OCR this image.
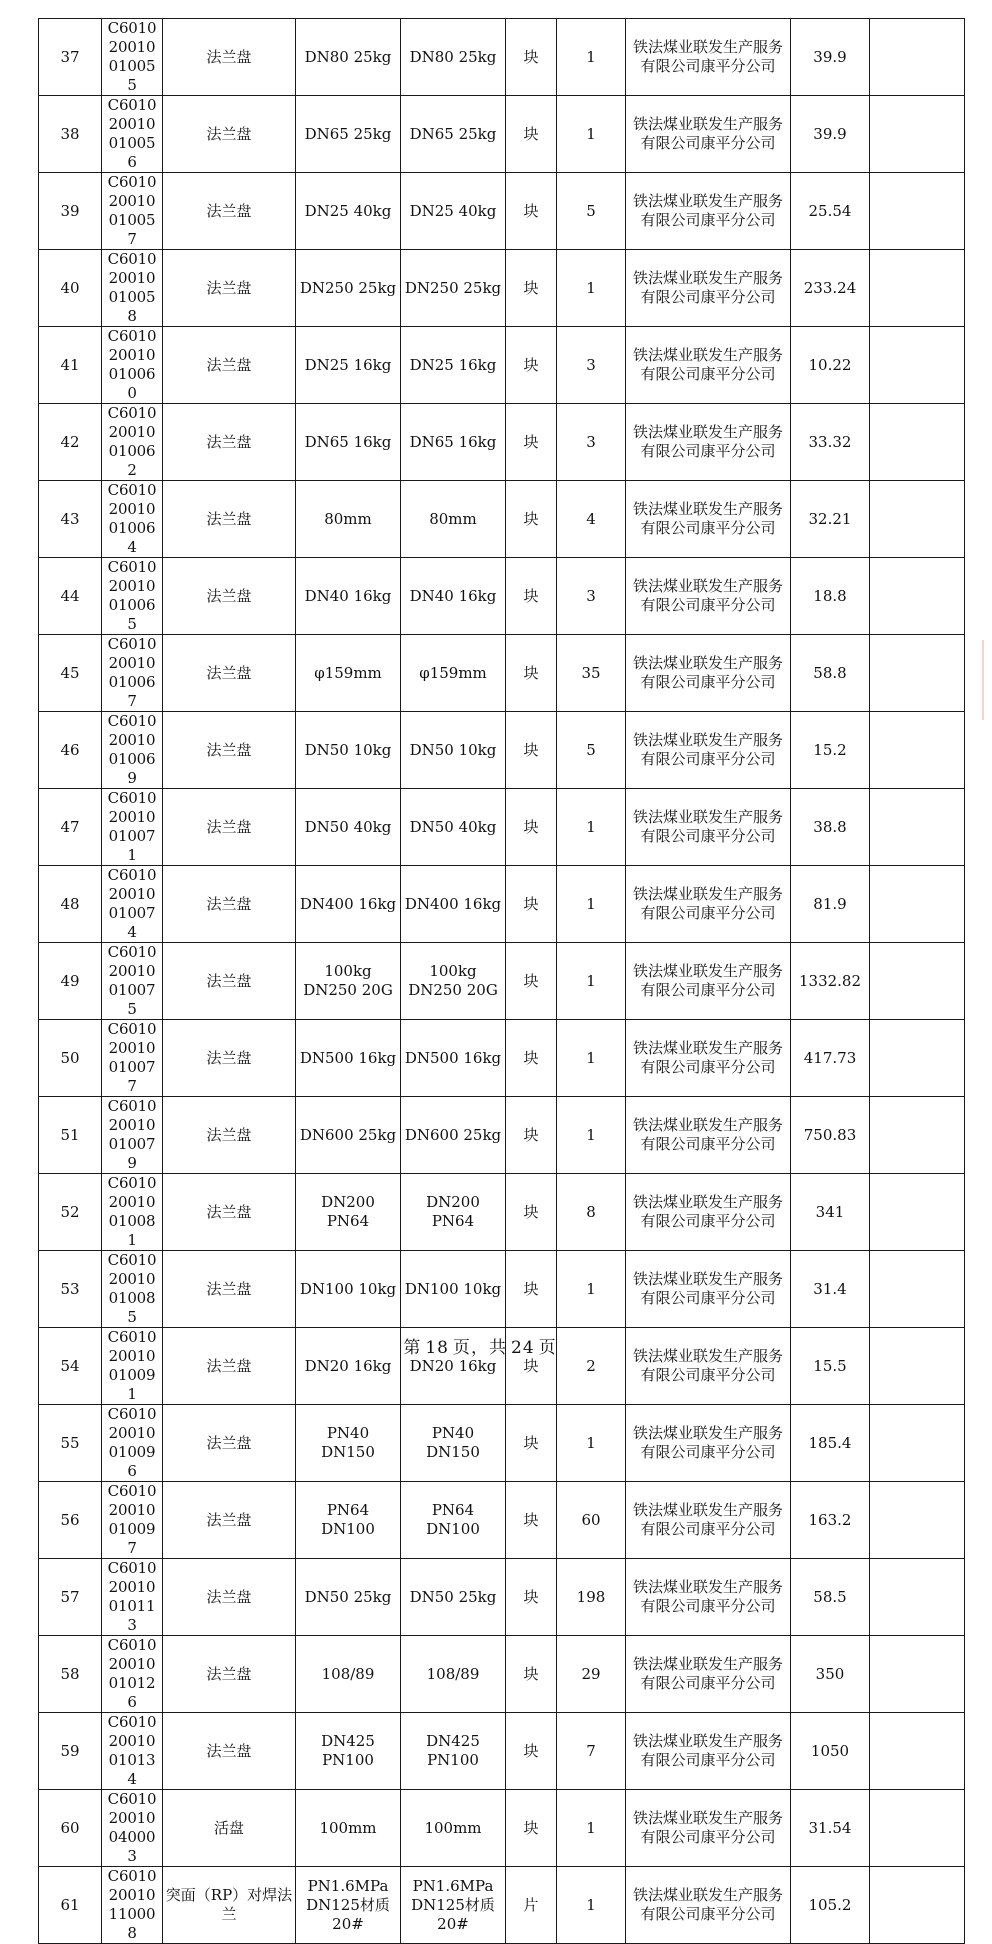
37	C601020010010055	法兰盘	DN80 25kg	DN80 25kg	块	1	铁法煤业联发生产服务有限公司康平分公司	39.9	
38	C601020010010056	法兰盘	DN65 25kg	DN65 25kg	块	1	铁法煤业联发生产服务有限公司康平分公司	39.9	
39	C601020010010057	法兰盘	DN25 40kg	DN25 40kg	块	5	铁法煤业联发生产服务有限公司康平分公司	25.54	
40	C601020010010058	法兰盘	DN250 25kg	DN250 25kg	块	1	铁法煤业联发生产服务有限公司康平分公司	233.24	
41	C601020010010060	法兰盘	DN25 16kg	DN25 16kg	块	3	铁法煤业联发生产服务有限公司康平分公司	10.22	
42	C601020010010062	法兰盘	DN65 16kg	DN65 16kg	块	3	铁法煤业联发生产服务有限公司康平分公司	33.32	
43	C601020010010064	法兰盘	80mm	80mm	块	4	铁法煤业联发生产服务有限公司康平分公司	32.21	
44	C601020010010065	法兰盘	DN40 16kg	DN40 16kg	块	3	铁法煤业联发生产服务有限公司康平分公司	18.8	
45	C601020010010067	法兰盘	φ159mm	φ159mm	块	35	铁法煤业联发生产服务有限公司康平分公司	58.8	
46	C601020010010069	法兰盘	DN50 10kg	DN50 10kg	块	5	铁法煤业联发生产服务有限公司康平分公司	15.2	
47	C601020010010071	法兰盘	DN50 40kg	DN50 40kg	块	1	铁法煤业联发生产服务有限公司康平分公司	38.8	
48	C601020010010074	法兰盘	DN400 16kg	DN400 16kg	块	1	铁法煤业联发生产服务有限公司康平分公司	81.9	
49	C601020010010075	法兰盘	100kg DN250 20G	100kg DN250 20G	块	1	铁法煤业联发生产服务有限公司康平分公司	1332.82	
50	C601020010010077	法兰盘	DN500 16kg	DN500 16kg	块	1	铁法煤业联发生产服务有限公司康平分公司	417.73	
51	C601020010010079	法兰盘	DN600 25kg	DN600 25kg	块	1	铁法煤业联发生产服务有限公司康平分公司	750.83	
52	C601020010010081	法兰盘	DN200 PN64	DN200 PN64	块	8	铁法煤业联发生产服务有限公司康平分公司	341	
53	C601020010010085	法兰盘	DN100 10kg	DN100 10kg	块	1	铁法煤业联发生产服务有限公司康平分公司	31.4	
54	C601020010010091	法兰盘	DN20 16kg	DN20 16kg	块	2	铁法煤业联发生产服务有限公司康平分公司	15.5	
55	C601020010010096	法兰盘	PN40 DN150	PN40 DN150	块	1	铁法煤业联发生产服务有限公司康平分公司	185.4	
56	C601020010010097	法兰盘	PN64 DN100	PN64 DN100	块	60	铁法煤业联发生产服务有限公司康平分公司	163.2	
57	C601020010010113	法兰盘	DN50 25kg	DN50 25kg	块	198	铁法煤业联发生产服务有限公司康平分公司	58.5	
58	C601020010010126	法兰盘	108/89	108/89	块	29	铁法煤业联发生产服务有限公司康平分公司	350	
59	C601020010010134	法兰盘	DN425 PN100	DN425 PN100	块	7	铁法煤业联发生产服务有限公司康平分公司	1050	
60	C601020010040003	活盘	100mm	100mm	块	1	铁法煤业联发生产服务有限公司康平分公司	31.54	
61	C601020010110008	突面（RP）对焊法兰	PN1.6MPa DN125材质20#	PN1.6MPa DN125材质20#	片	1	铁法煤业联发生产服务有限公司康平分公司	105.2	
第 18 页，共 24 页
